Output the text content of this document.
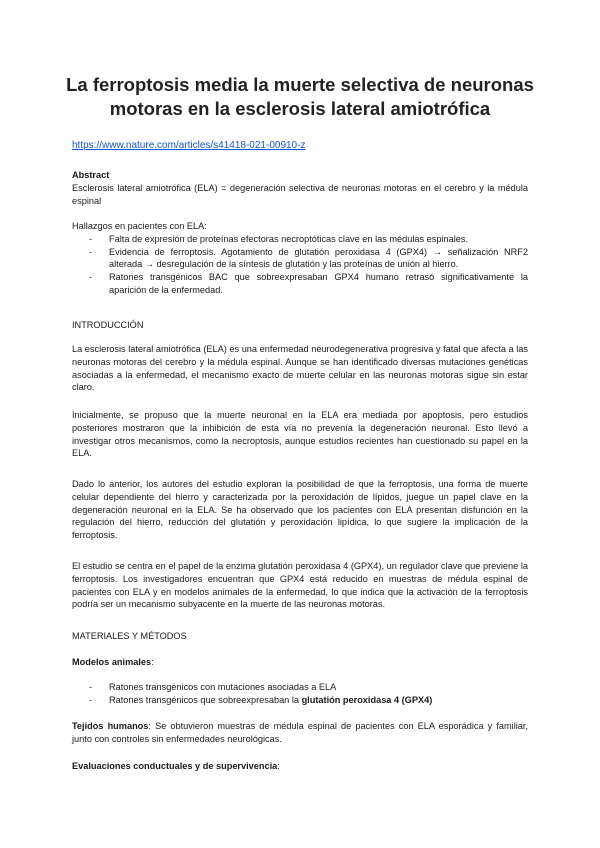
La ferroptosis media la muerte selectiva de neuronas motoras en la esclerosis lateral amiotrófica
https://www.nature.com/articles/s41418-021-00910-z
Abstract

Esclerosis lateral amiotrófica (ELA) = degeneración selectiva de neuronas motoras en el cerebro y la médula espinal

Hallazgos en pacientes con ELA:
- Falta de expresión de proteínas efectoras necroptóticas clave en las médulas espinales.
- Evidencia de ferroptosis. Agotamiento de glutatión peroxidasa 4 (GPX4) → señalización NRF2 alterada → desregulación de la síntesis de glutatión y las proteínas de unión al hierro.
- Ratones transgénicos BAC que sobreexpresaban GPX4 humano retrasó significativamente la aparición de la enfermedad.
INTRODUCCIÓN

La esclerosis lateral amiotrófica (ELA) es una enfermedad neurodegenerativa progresiva y fatal que afecta a las neuronas motoras del cerebro y la médula espinal. Aunque se han identificado diversas mutaciones genéticas asociadas a la enfermedad, el mecanismo exacto de muerte celular en las neuronas motoras sigue sin estar claro.

Inicialmente, se propuso que la muerte neuronal en la ELA era mediada por apoptosis, pero estudios posteriores mostraron que la inhibición de esta vía no prevenía la degeneración neuronal. Esto llevó a investigar otros mecanismos, como la necroptosis, aunque estudios recientes han cuestionado su papel en la ELA.

Dado lo anterior, los autores del estudio exploran la posibilidad de que la ferroptosis, una forma de muerte celular dependiente del hierro y caracterizada por la peroxidación de lípidos, juegue un papel clave en la degeneración neuronal en la ELA. Se ha observado que los pacientes con ELA presentan disfunción en la regulación del hierro, reducción del glutatión y peroxidación lipídica, lo que sugiere la implicación de la ferroptosis.

El estudio se centra en el papel de la enzima glutatión peroxidasa 4 (GPX4), un regulador clave que previene la ferroptosis. Los investigadores encuentran que GPX4 está reducido en muestras de médula espinal de pacientes con ELA y en modelos animales de la enfermedad, lo que indica que la activación de la ferroptosis podría ser un mecanismo subyacente en la muerte de las neuronas motoras.

MATERIALES Y MÉTODOS
Modelos animales:
- Ratones transgénicos con mutaciones asociadas a ELA
- Ratones transgénicos que sobreexpresaban la glutatión peroxidasa 4 (GPX4)

Tejidos humanos: Se obtuvieron muestras de médula espinal de pacientes con ELA esporádica y familiar, junto con controles sin enfermedades neurológicas.

Evaluaciones conductuales y de supervivencia:
